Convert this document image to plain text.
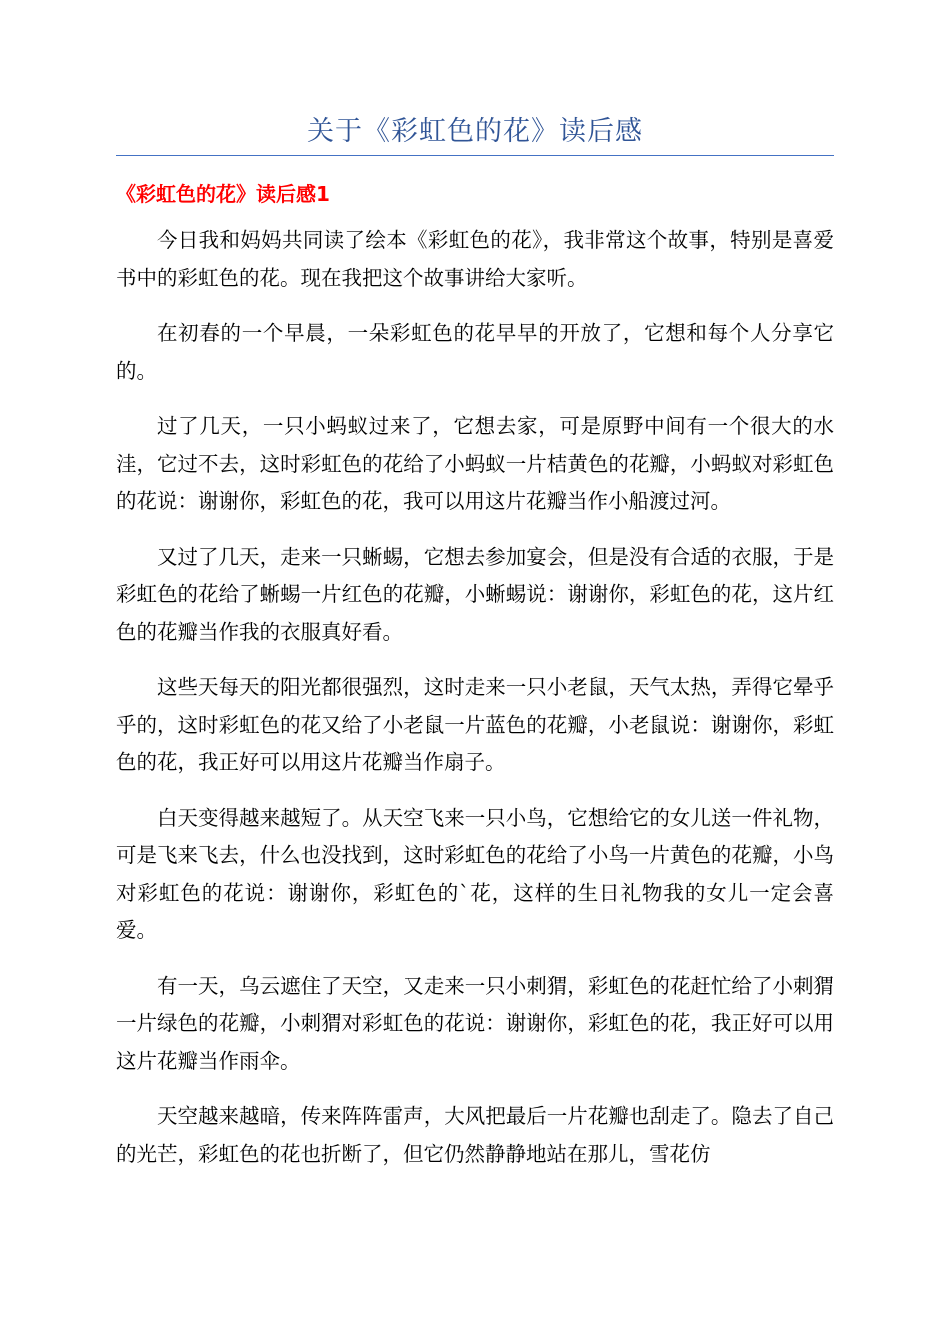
关于《彩虹色的花》读后感
《彩虹色的花》读后感1

今日我和妈妈共同读了绘本《彩虹色的花》，我非常这个故事，特别是喜爱书中的彩虹色的花。现在我把这个故事讲给大家听。

在初春的一个早晨，一朵彩虹色的花早早的开放了，它想和每个人分享它的。

过了几天，一只小蚂蚁过来了，它想去家，可是原野中间有一个很大的水洼，它过不去，这时彩虹色的花给了小蚂蚁一片桔黄色的花瓣，小蚂蚁对彩虹色的花说：谢谢你，彩虹色的花，我可以用这片花瓣当作小船渡过河。

又过了几天，走来一只蜥蜴，它想去参加宴会，但是没有合适的衣服，于是彩虹色的花给了蜥蜴一片红色的花瓣，小蜥蜴说：谢谢你，彩虹色的花，这片红色的花瓣当作我的衣服真好看。

这些天每天的阳光都很强烈，这时走来一只小老鼠，天气太热，弄得它晕乎乎的，这时彩虹色的花又给了小老鼠一片蓝色的花瓣，小老鼠说：谢谢你，彩虹色的花，我正好可以用这片花瓣当作扇子。

白天变得越来越短了。从天空飞来一只小鸟，它想给它的女儿送一件礼物，可是飞来飞去，什么也没找到，这时彩虹色的花给了小鸟一片黄色的花瓣，小鸟对彩虹色的花说：谢谢你，彩虹色的`花，这样的生日礼物我的女儿一定会喜爱。

有一天，乌云遮住了天空，又走来一只小刺猬，彩虹色的花赶忙给了小刺猬一片绿色的花瓣，小刺猬对彩虹色的花说：谢谢你，彩虹色的花，我正好可以用这片花瓣当作雨伞。

天空越来越暗，传来阵阵雷声，大风把最后一片花瓣也刮走了。隐去了自己的光芒，彩虹色的花也折断了，但它仍然静静地站在那儿，雪花仿
